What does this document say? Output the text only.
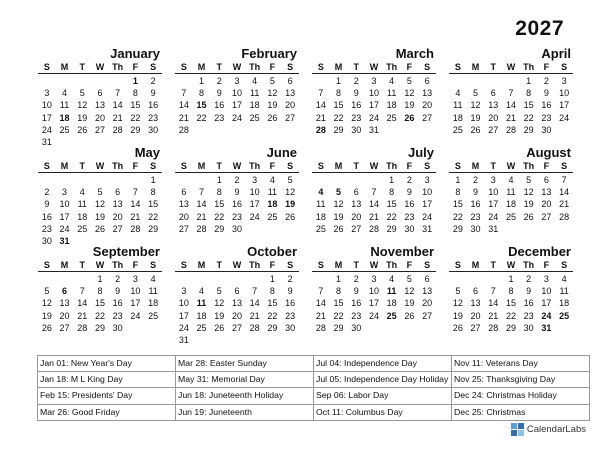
2027
January
S	M	T	W	Th	F	S
					1	2
3	4	5	6	7	8	9
10	11	12	13	14	15	16
17	18	19	20	21	22	23
24	25	26	27	28	29	30
31						
February
S	M	T	W	Th	F	S
	1	2	3	4	5	6
7	8	9	10	11	12	13
14	15	16	17	18	19	20
21	22	23	24	25	26	27
28						

March
S	M	T	W	Th	F	S
	1	2	3	4	5	6
7	8	9	10	11	12	13
14	15	16	17	18	19	20
21	22	23	24	25	26	27
28	29	30	31			

April
S	M	T	W	Th	F	S
				1	2	3
4	5	6	7	8	9	10
11	12	13	14	15	16	17
18	19	20	21	22	23	24
25	26	27	28	29	30	

May
S	M	T	W	Th	F	S
						1
2	3	4	5	6	7	8
9	10	11	12	13	14	15
16	17	18	19	20	21	22
23	24	25	26	27	28	29
30	31					
June
S	M	T	W	Th	F	S
		1	2	3	4	5
6	7	8	9	10	11	12
13	14	15	16	17	18	19
20	21	22	23	24	25	26
27	28	29	30			

July
S	M	T	W	Th	F	S
				1	2	3
4	5	6	7	8	9	10
11	12	13	14	15	16	17
18	19	20	21	22	23	24
25	26	27	28	29	30	31

August
S	M	T	W	Th	F	S
1	2	3	4	5	6	7
8	9	10	11	12	13	14
15	16	17	18	19	20	21
22	23	24	25	26	27	28
29	30	31				

September
S	M	T	W	Th	F	S
			1	2	3	4
5	6	7	8	9	10	11
12	13	14	15	16	17	18
19	20	21	22	23	24	25
26	27	28	29	30		

October
S	M	T	W	Th	F	S
					1	2
3	4	5	6	7	8	9
10	11	12	13	14	15	16
17	18	19	20	21	22	23
24	25	26	27	28	29	30
31						
November
S	M	T	W	Th	F	S
	1	2	3	4	5	6
7	8	9	10	11	12	13
14	15	16	17	18	19	20
21	22	23	24	25	26	27
28	29	30				

December
S	M	T	W	Th	F	S
			1	2	3	4
5	6	7	8	9	10	11
12	13	14	15	16	17	18
19	20	21	22	23	24	25
26	27	28	29	30	31	

Jan 01: New Year's Day	Mar 28: Easter Sunday	Jul 04: Independence Day	Nov 11: Veterans Day
Jan 18: M L King Day	May 31: Memorial Day	Jul 05: Independence Day Holiday Nov 25: Thanksgiving Day
Feb 15: Presidents' Day	Jun 18: Juneteenth Holiday	Sep 06: Labor Day	Dec 24: Christmas Holiday
Mar 26: Good Friday	Jun 19: Juneteenth	Oct 11: Columbus Day	Dec 25: Christmas
CalendarLabs
